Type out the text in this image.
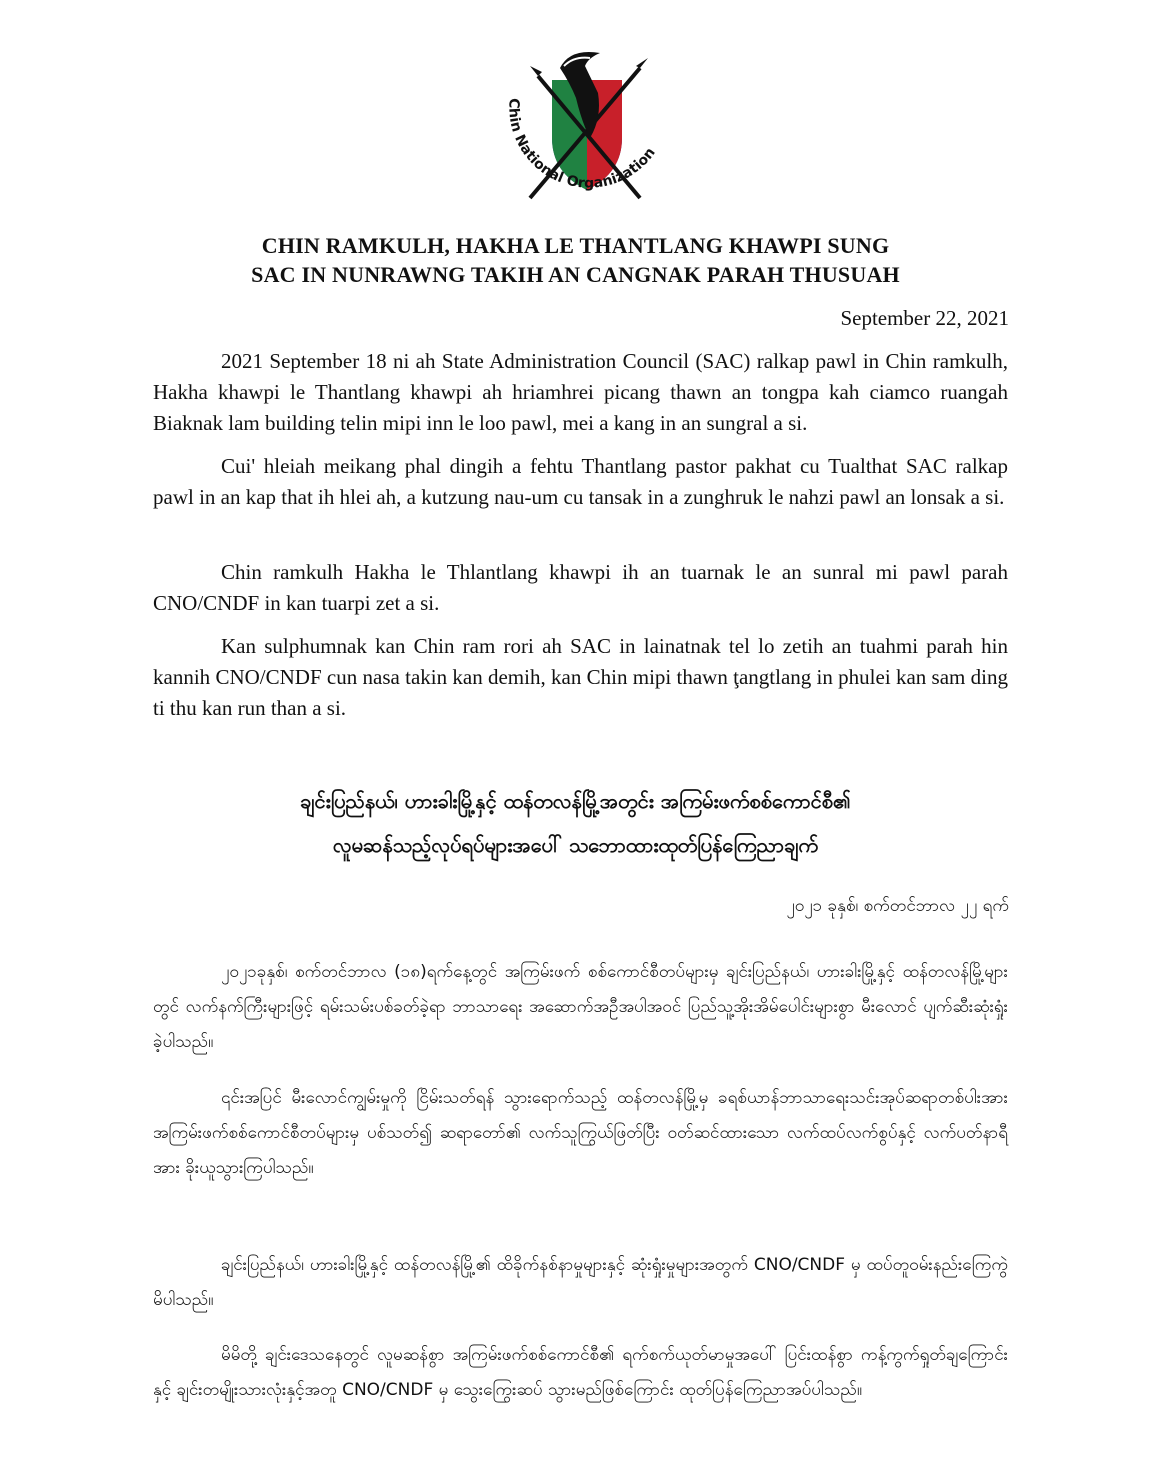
Chin National Organization
CHIN RAMKULH, HAKHA LE THANTLANG KHAWPI SUNG
SAC IN NUNRAWNG TAKIH AN CANGNAK PARAH THUSUAH
September 22, 2021

2021 September 18 ni ah State Administration Council (SAC) ralkap pawl in Chin ramkulh, Hakha khawpi le Thantlang khawpi ah hriamhrei picang thawn an tongpa kah ciamco ruangah Biaknak lam building telin mipi inn le loo pawl, mei a kang in an sungral a si.

Cui' hleiah meikang phal dingih a fehtu Thantlang pastor pakhat cu Tualthat SAC ralkap pawl in an kap that ih hlei ah, a kutzung nau-um cu tansak in a zunghruk le nahzi pawl an lonsak a si.

Chin ramkulh Hakha le Thlantlang khawpi ih an tuarnak le an sunral mi pawl parah CNO/CNDF in kan tuarpi zet a si.

Kan sulphumnak kan Chin ram rori ah SAC in lainatnak tel lo zetih an tuahmi parah hin kannih CNO/CNDF cun nasa takin kan demih, kan Chin mipi thawn ţangtlang in phulei kan sam ding ti thu kan run than a si.

ချင်းပြည်နယ်၊ ဟားခါးမြို့နှင့် ထန်တလန်မြို့အတွင်း အကြမ်းဖက်စစ်ကောင်စီ၏
လူမဆန်သည့်လုပ်ရပ်များအပေါ် သဘောထားထုတ်ပြန်ကြေညာချက်
၂၀၂၁ ခုနှစ်၊ စက်တင်ဘာလ ၂၂ ရက်

၂၀၂၁ခုနှစ်၊ စက်တင်ဘာလ (၁၈)ရက်နေ့တွင် အကြမ်းဖက် စစ်ကောင်စီတပ်များမှ ချင်းပြည်နယ်၊ ဟားခါးမြို့နှင့် ထန်တလန်မြို့များတွင် လက်နက်ကြီးများဖြင့် ရမ်းသမ်းပစ်ခတ်ခဲ့ရာ ဘာသာရေး အဆောက်အဦအပါအဝင် ပြည်သူ့အိုးအိမ်ပေါင်းများစွာ မီးလောင် ပျက်ဆီးဆုံးရှုံးခဲ့ပါသည်။

၎င်းအပြင် မီးလောင်ကျွမ်းမှုကို ငြိမ်းသတ်ရန် သွားရောက်သည့် ထန်တလန်မြို့မှ ခရစ်ယာန်ဘာသာရေးသင်းအုပ်ဆရာတစ်ပါးအား အကြမ်းဖက်စစ်ကောင်စီတပ်များမှ ပစ်သတ်၍ ဆရာတော်၏ လက်သူကြွယ်ဖြတ်ပြီး ဝတ်ဆင်ထားသော လက်ထပ်လက်စွပ်နှင့် လက်ပတ်နာရီအား ခိုးယူသွားကြပါသည်။

ချင်းပြည်နယ်၊ ဟားခါးမြို့နှင့် ထန်တလန်မြို့၏ ထိခိုက်နစ်နာမှုများနှင့် ဆုံးရှုံးမှုများအတွက် CNO/CNDF မှ ထပ်တူဝမ်းနည်းကြေကွဲမိပါသည်။

မိမိတို့ ချင်းဒေသနေတွင် လူမဆန်စွာ အကြမ်းဖက်စစ်ကောင်စီ၏ ရက်စက်ယုတ်မာမှုအပေါ် ပြင်းထန်စွာ ကန့်ကွက်ရှုတ်ချကြောင်းနှင့် ချင်းတမျိုးသားလုံးနှင့်အတူ CNO/CNDF မှ သွေးကြွေးဆပ် သွားမည်ဖြစ်ကြောင်း ထုတ်ပြန်ကြေညာအပ်ပါသည်။
